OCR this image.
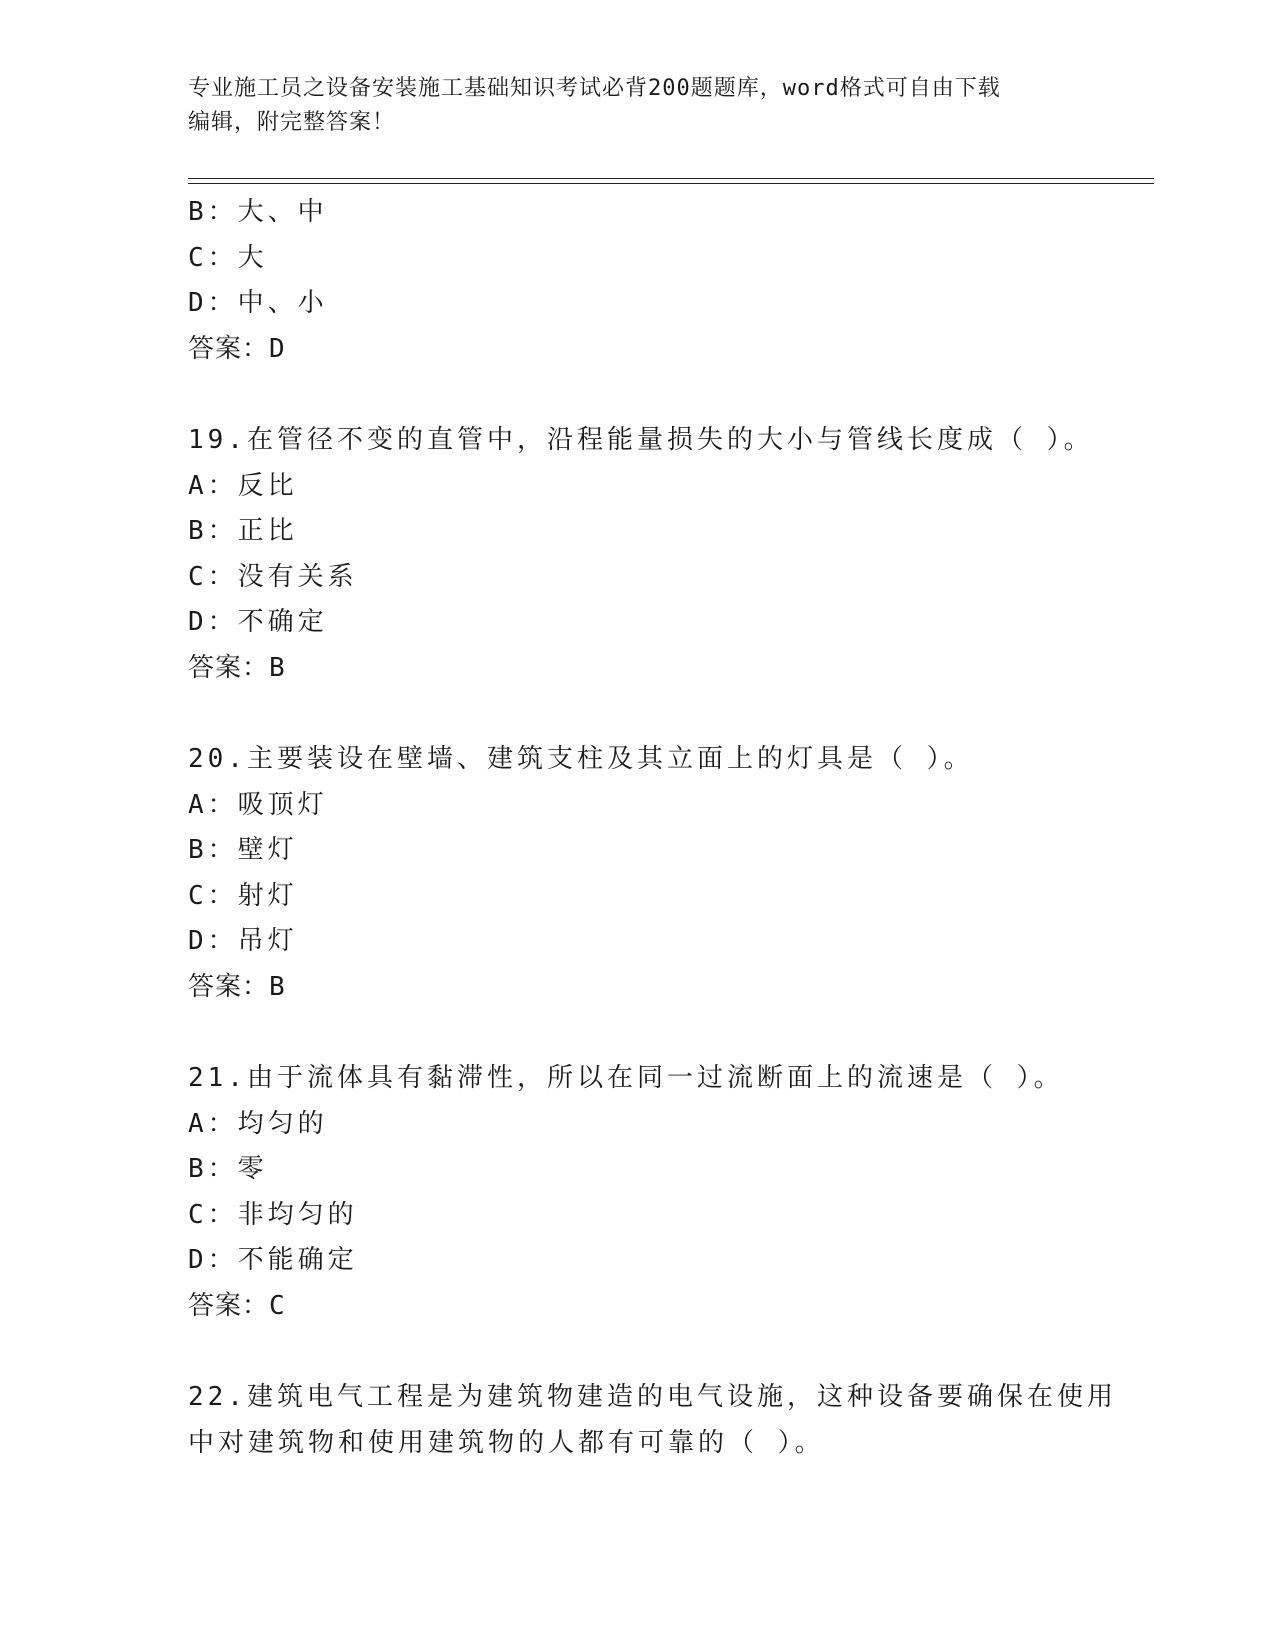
专业施工员之设备安装施工基础知识考试必背200题题库，word格式可自由下载
编辑，附完整答案！
B：大、中
C：大
D：中、小
答案：D
19.在管径不变的直管中，沿程能量损失的大小与管线长度成（ ）。
A：反比
B：正比
C：没有关系
D：不确定
答案：B
20.主要装设在壁墙、建筑支柱及其立面上的灯具是（ ）。
A：吸顶灯
B：壁灯
C：射灯
D：吊灯
答案：B
21.由于流体具有黏滞性，所以在同一过流断面上的流速是（ ）。
A：均匀的
B：零
C：非均匀的
D：不能确定
答案：C
22.建筑电气工程是为建筑物建造的电气设施，这种设备要确保在使用
中对建筑物和使用建筑物的人都有可靠的（ ）。
